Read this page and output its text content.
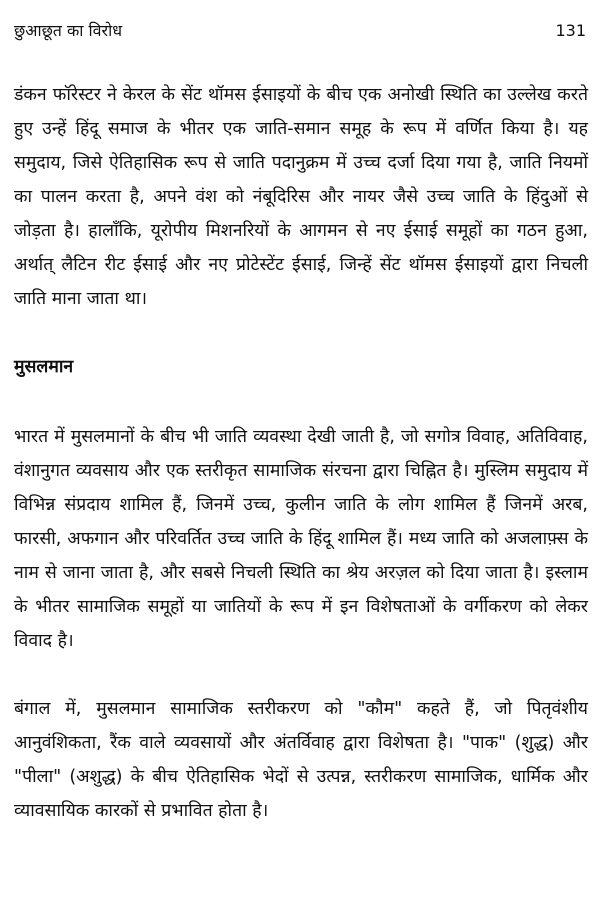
छुआछूत का विरोध	131

डंकन फॉरेस्टर ने केरल के सेंट थॉमस ईसाइयों के बीच एक अनोखी स्थिति का उल्लेख करते हुए उन्हें हिंदू समाज के भीतर एक जाति-समान समूह के रूप में वर्णित किया है। यह समुदाय, जिसे ऐतिहासिक रूप से जाति पदानुक्रम में उच्च दर्जा दिया गया है, जाति नियमों का पालन करता है, अपने वंश को नंबूदिरिस और नायर जैसे उच्च जाति के हिंदुओं से जोड़ता है। हालाँकि, यूरोपीय मिशनरियों के आगमन से नए ईसाई समूहों का गठन हुआ, अर्थात् लैटिन रीट ईसाई और नए प्रोटेस्टेंट ईसाई, जिन्हें सेंट थॉमस ईसाइयों द्वारा निचली जाति माना जाता था।

मुसलमान

भारत में मुसलमानों के बीच भी जाति व्यवस्था देखी जाती है, जो सगोत्र विवाह, अतिविवाह, वंशानुगत व्यवसाय और एक स्तरीकृत सामाजिक संरचना द्वारा चिह्नित है। मुस्लिम समुदाय में विभिन्न संप्रदाय शामिल हैं, जिनमें उच्च, कुलीन जाति के लोग शामिल हैं जिनमें अरब, फारसी, अफगान और परिवर्तित उच्च जाति के हिंदू शामिल हैं। मध्य जाति को अजलाफ़्स के नाम से जाना जाता है, और सबसे निचली स्थिति का श्रेय अरज़ल को दिया जाता है। इस्लाम के भीतर सामाजिक समूहों या जातियों के रूप में इन विशेषताओं के वर्गीकरण को लेकर विवाद है।

बंगाल में, मुसलमान सामाजिक स्तरीकरण को "कौम" कहते हैं, जो पितृवंशीय आनुवंशिकता, रैंक वाले व्यवसायों और अंतर्विवाह द्वारा विशेषता है। "पाक" (शुद्ध) और "पीला" (अशुद्ध) के बीच ऐतिहासिक भेदों से उत्पन्न, स्तरीकरण सामाजिक, धार्मिक और व्यावसायिक कारकों से प्रभावित होता है।
